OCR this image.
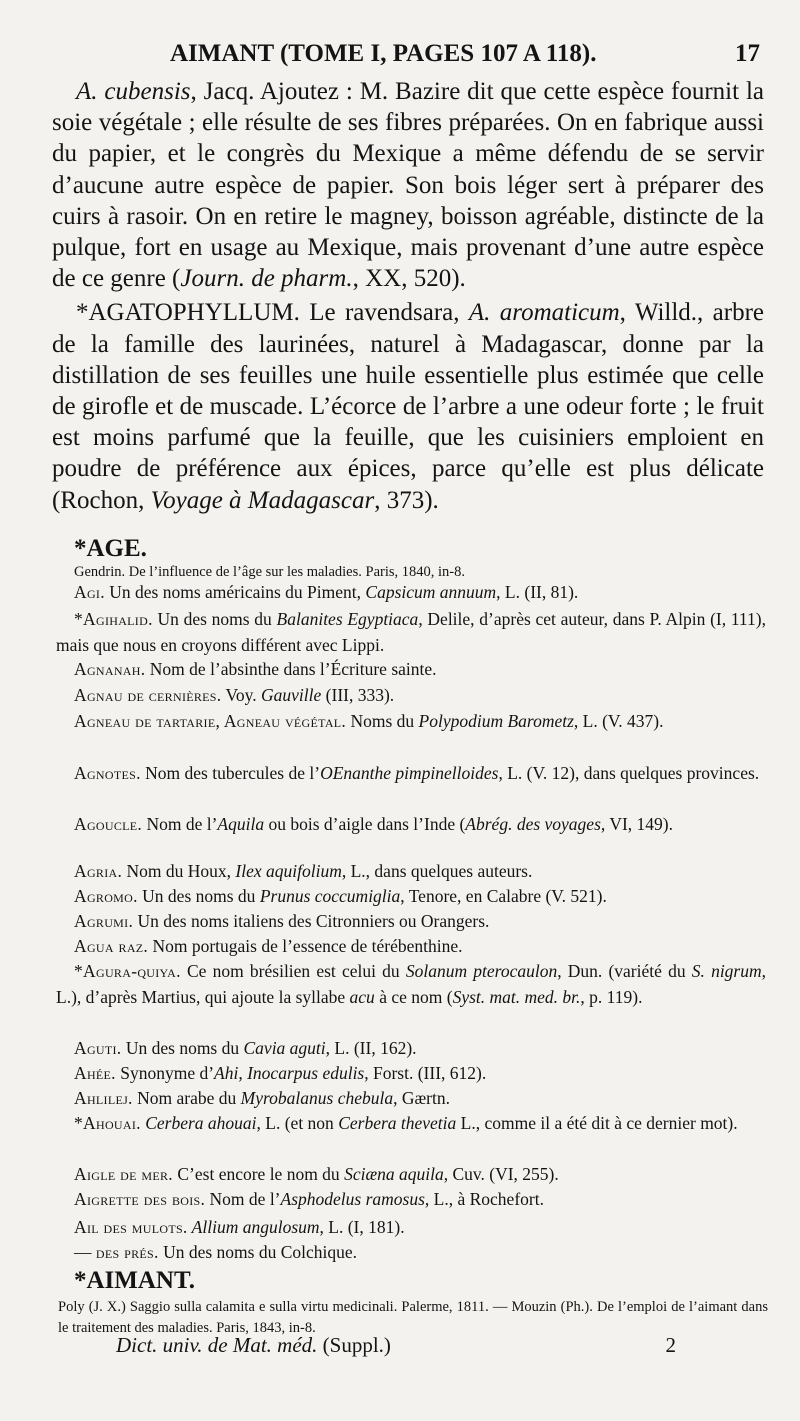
AIMANT (TOME I, PAGES 107 A 118).	17

A. cubensis, Jacq. Ajoutez : M. Bazire dit que cette espèce fournit la soie végétale ; elle résulte de ses fibres préparées. On en fabrique aussi du papier, et le congrès du Mexique a même défendu de se servir d’aucune autre espèce de papier. Son bois léger sert à préparer des cuirs à rasoir. On en retire le magney, boisson agréable, distincte de la pulque, fort en usage au Mexique, mais provenant d’une autre espèce de ce genre (Journ. de pharm., XX, 520).

*AGATOPHYLLUM. Le ravendsara, A. aromaticum, Willd., arbre de la famille des laurinées, naturel à Madagascar, donne par la distillation de ses feuilles une huile essentielle plus estimée que celle de girofle et de muscade. L’écorce de l’arbre a une odeur forte ; le fruit est moins parfumé que la feuille, que les cuisiniers emploient en poudre de préférence aux épices, parce qu’elle est plus délicate (Rochon, Voyage à Madagascar, 373).

*AGE.
Gendrin. De l’influence de l’âge sur les maladies. Paris, 1840, in-8.
Agi. Un des noms américains du Piment, Capsicum annuum, L. (II, 81).
*Agihalid. Un des noms du Balanites Egyptiaca, Delile, d’après cet auteur, dans P. Alpin (I, 111), mais que nous en croyons différent avec Lippi.
Agnanah. Nom de l’absinthe dans l’Écriture sainte.
Agnau de cernières. Voy. Gauville (III, 333).
Agneau de tartarie, Agneau végétal. Noms du Polypodium Barometz, L. (V. 437).
Agnotes. Nom des tubercules de l’OEnanthe pimpinelloides, L. (V. 12), dans quelques provinces.
Agoucle. Nom de l’Aquila ou bois d’aigle dans l’Inde (Abrég. des voyages, VI, 149).
Agria. Nom du Houx, Ilex aquifolium, L., dans quelques auteurs.
Agromo. Un des noms du Prunus coccumiglia, Tenore, en Calabre (V. 521).
Agrumi. Un des noms italiens des Citronniers ou Orangers.
Agua raz. Nom portugais de l’essence de térébenthine.
*Agura-quiya. Ce nom brésilien est celui du Solanum pterocaulon, Dun. (variété du S. nigrum, L.), d’après Martius, qui ajoute la syllabe acu à ce nom (Syst. mat. med. br., p. 119).
Aguti. Un des noms du Cavia aguti, L. (II, 162).
Ahée. Synonyme d’Ahi, Inocarpus edulis, Forst. (III, 612).
Ahlilej. Nom arabe du Myrobalanus chebula, Gærtn.
*Ahouai. Cerbera ahouai, L. (et non Cerbera thevetia L., comme il a été dit à ce dernier mot).
Aigle de mer. C’est encore le nom du Sciæna aquila, Cuv. (VI, 255).
Aigrette des bois. Nom de l’Asphodelus ramosus, L., à Rochefort.
Ail des mulots. Allium angulosum, L. (I, 181).
— des prés. Un des noms du Colchique.
*AIMANT.
Poly (J. X.) Saggio sulla calamita e sulla virtu medicinali. Palerme, 1811. — Mouzin (Ph.). De l’emploi de l’aimant dans le traitement des maladies. Paris, 1843, in-8.
Dict. univ. de Mat. méd. (Suppl.)	2
